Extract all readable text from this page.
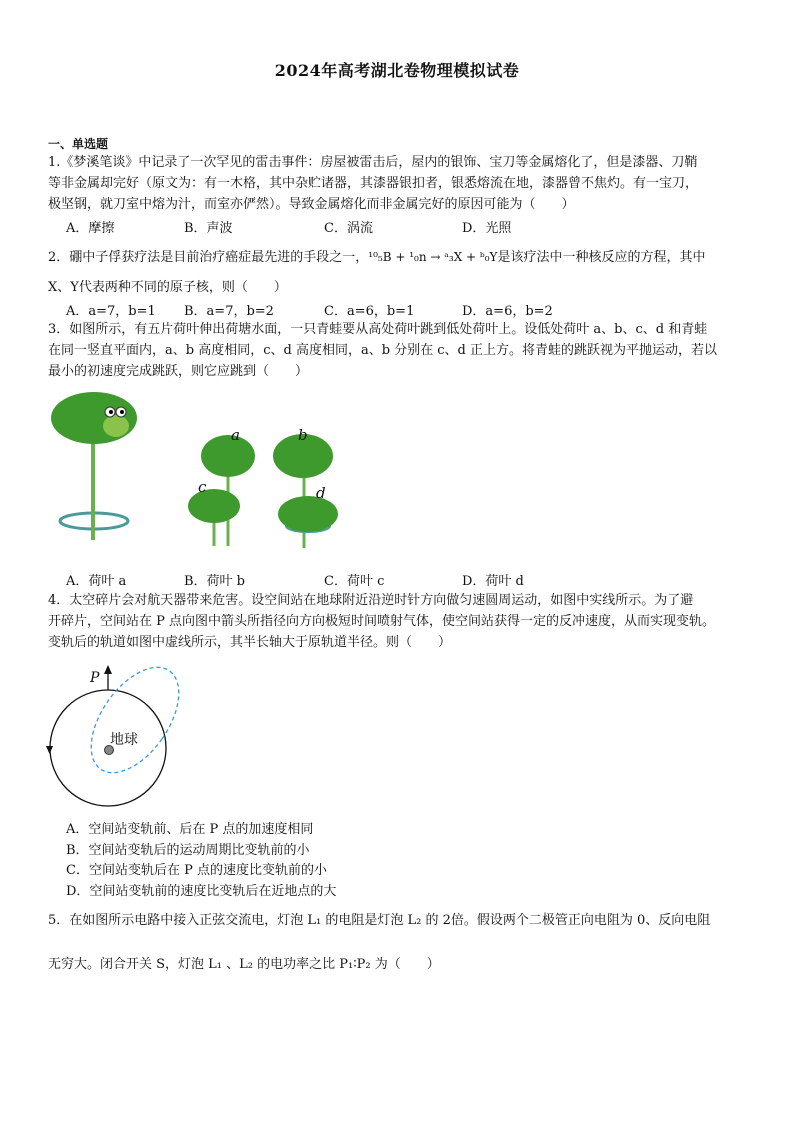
2024年高考湖北卷物理模拟试卷
一、单选题
1.《梦溪笔谈》中记录了一次罕见的雷击事件：房屋被雷击后，屋内的银饰、宝刀等金属熔化了，但是漆器、刀鞘
等非金属却完好（原文为：有一木格，其中杂贮诸器，其漆器银扣者，银悉熔流在地，漆器曾不焦灼。有一宝刀，
极坚钢，就刀室中熔为汁，而室亦俨然）。导致金属熔化而非金属完好的原因可能为（　　）
A．摩擦	B．声波	C．涡流	D．光照
2．硼中子俘获疗法是目前治疗癌症最先进的手段之一，¹⁰₅B + ¹₀n → ᵃ₃X + ᵇ₀Y是该疗法中一种核反应的方程，其中
X、Y代表两种不同的原子核，则（　　）
A．a=7，b=1 B．a=7，b=2	C．a=6，b=1	D．a=6，b=2
3．如图所示，有五片荷叶伸出荷塘水面，一只青蛙要从高处荷叶跳到低处荷叶上。设低处荷叶 a、b、c、d 和青蛙
在同一竖直平面内，a、b 高度相同，c、d 高度相同，a、b 分别在 c、d 正上方。将青蛙的跳跃视为平抛运动，若以
最小的初速度完成跳跃，则它应跳到（　　）
a
c
b
d
A．荷叶 a	B．荷叶 b	C．荷叶 c	D．荷叶 d
4．太空碎片会对航天器带来危害。设空间站在地球附近沿逆时针方向做匀速圆周运动，如图中实线所示。为了避
开碎片，空间站在 P 点向图中箭头所指径向方向极短时间喷射气体，使空间站获得一定的反冲速度，从而实现变轨。
变轨后的轨道如图中虚线所示，其半长轴大于原轨道半径。则（　　）
P
地球
A．空间站变轨前、后在 P 点的加速度相同
B．空间站变轨后的运动周期比变轨前的小
C．空间站变轨后在 P 点的速度比变轨前的小
D．空间站变轨前的速度比变轨后在近地点的大
5．在如图所示电路中接入正弦交流电，灯泡 L₁ 的电阻是灯泡 L₂ 的 2倍。假设两个二极管正向电阻为 0、反向电阻
无穷大。闭合开关 S，灯泡 L₁ 、L₂ 的电功率之比 P₁∶P₂ 为（　　）
